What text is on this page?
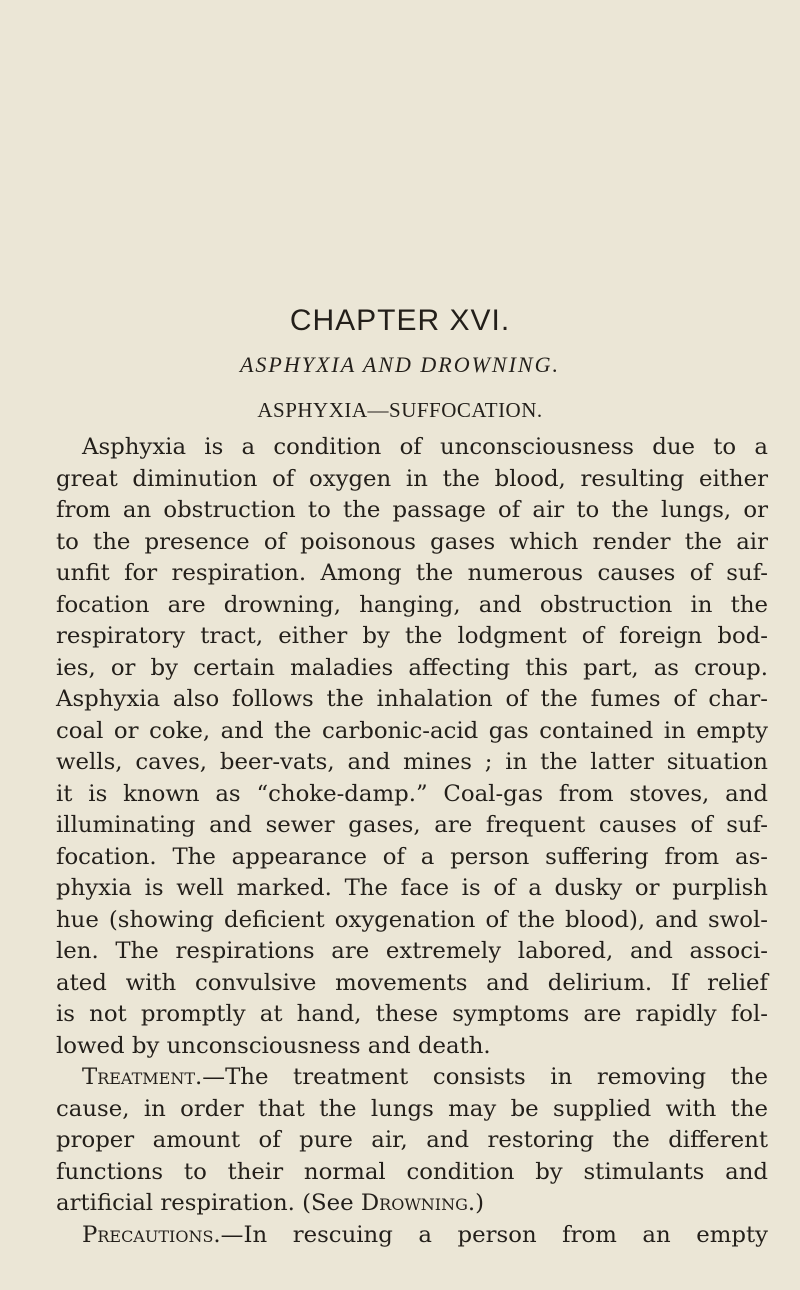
CHAPTER XVI.
ASPHYXIA AND DROWNING.
ASPHYXIA—SUFFOCATION.
Asphyxia is a condition of unconsciousness due to a
great diminution of oxygen in the blood, resulting either
from an obstruction to the passage of air to the lungs, or
to the presence of poisonous gases which render the air
unfit for respiration. Among the numerous causes of suf-
focation are drowning, hanging, and obstruction in the
respiratory tract, either by the lodgment of foreign bod-
ies, or by certain maladies affecting this part, as croup.
Asphyxia also follows the inhalation of the fumes of char-
coal or coke, and the carbonic-acid gas contained in empty
wells, caves, beer-vats, and mines ; in the latter situation
it is known as “choke-damp.” Coal-gas from stoves, and
illuminating and sewer gases, are frequent causes of suf-
focation. The appearance of a person suffering from as-
phyxia is well marked. The face is of a dusky or purplish
hue (showing deficient oxygenation of the blood), and swol-
len. The respirations are extremely labored, and associ-
ated with convulsive movements and delirium. If relief
is not promptly at hand, these symptoms are rapidly fol-
lowed by unconsciousness and death.
Treatment.—The treatment consists in removing the
cause, in order that the lungs may be supplied with the
proper amount of pure air, and restoring the different
functions to their normal condition by stimulants and
artificial respiration. (See Drowning.)
Precautions.—In rescuing a person from an empty
